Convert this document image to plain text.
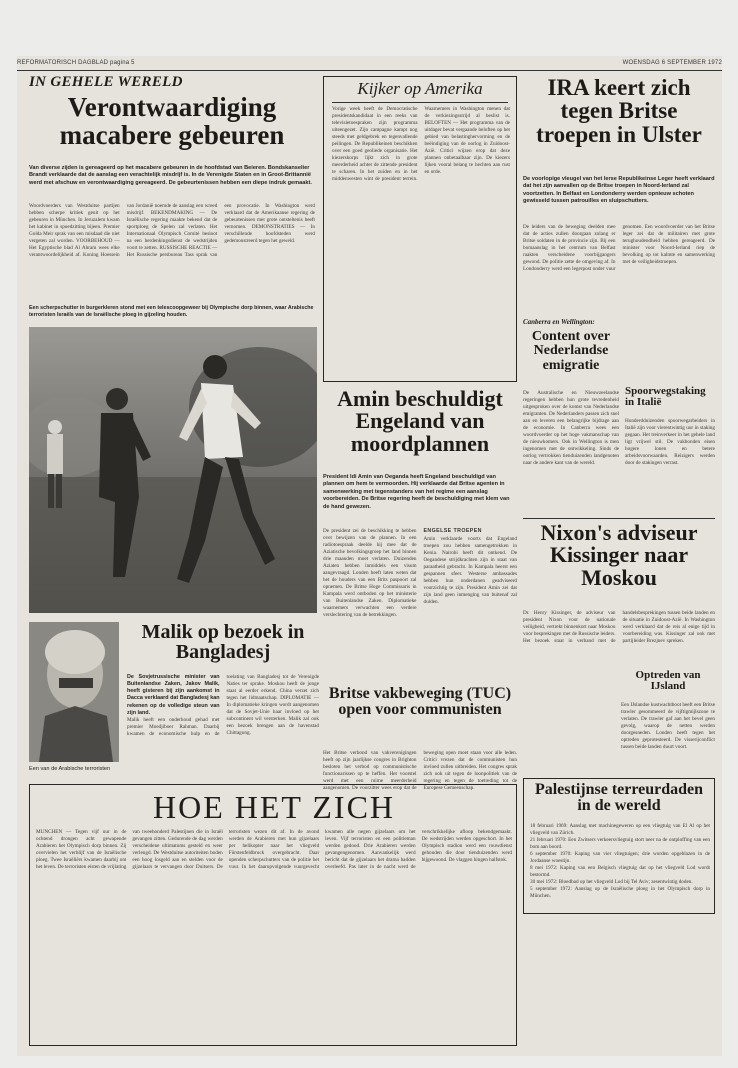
REFORMATORISCH DAGBLAD pagina 5	WOENSDAG 6 SEPTEMBER 1972
IN GEHELE WERELD
Verontwaardiging macabere gebeuren
Van diverse zijden is gereageerd op het macabere gebeuren in de hoofdstad van Beieren. Bondskanselier Brandt verklaarde dat de aanslag een verachtelijk misdrijf is. In de Verenigde Staten en in Groot-Brittannië werd met afschuw en verontwaardiging gereageerd. De gebeurtenissen hebben een diepe indruk gemaakt.
Woordvoerders van Westduitse partijen hebben scherpe kritiek geuit op het gebeuren in München. In Jeruzalem kwam het kabinet in spoedzitting bijeen. Premier Golda Meir sprak van een misdaad die niet vergeten zal worden. VOORBEHOUD — Het Egyptische blad Al Ahram wees elke verantwoordelijkheid af. Koning Hoessein van Jordanië noemde de aanslag een wreed misdrijf. BEKENDMAKING — De Israëlische regering maakte bekend dat de sportploeg de Spelen zal verlaten. Het Internationaal Olympisch Comité besloot na een herdenkingsdienst de wedstrijden voort te zetten. RUSSISCHE REACTIE — Het Russische persbureau Tass sprak van een provocatie. In Washington werd verklaard dat de Amerikaanse regering de gebeurtenissen met grote ontsteltenis heeft vernomen. DEMONSTRATIES — In verschillende hoofdsteden werd gedemonstreerd tegen het geweld.
Een scherpschutter in burgerkleren stond met een telescoopgeweer bij Olympische dorp binnen, waar Arabische terroristen Israëls van de Israëlische ploeg in gijzeling houden.
Een van de Arabische terroristen
Malik op bezoek in Bangladesj
De Sovjetrussische minister van Buitenlandse Zaken, Jakov Malik, heeft gisteren bij zijn aankomst in Dacca verklaard dat Bangladesj kan rekenen op de volledige steun van zijn land.
Malik heeft een onderhoud gehad met premier Moedjiboer Rahman. Daarbij kwamen de economische hulp en de toelating van Bangladesj tot de Verenigde Naties ter sprake. Moskou heeft de jonge staat al eerder erkend. China verzet zich tegen het lidmaatschap. DIPLOMATIE — In diplomatieke kringen wordt aangenomen dat de Sovjet-Unie haar invloed op het subcontinent wil versterken. Malik zal ook een bezoek brengen aan de havenstad Chittagong.
Kijker op Amerika
Vorige week heeft de Democratische presidentskandidaat in een reeks van televisietoespraken zijn programma uiteengezet. Zijn campagne kampt nog steeds met geldgebrek en tegenvallende peilingen. De Republikeinen beschikken over een goed geoliede organisatie. Het kiezerskorps lijkt zich in grote meerderheid achter de zittende president te scharen. In het zuiden en in het middenwesten wint de president terrein. Waarnemers in Washington menen dat de verkiezingsstrijd al beslist is. BELOFTEN — Het programma van de uitdager bevat vergaande beloften op het gebied van belastinghervorming en de beëindiging van de oorlog in Zuidoost-Azië. Critici wijzen erop dat deze plannen onbetaalbaar zijn. De kiezers lijken vooral belang te hechten aan rust en orde.
Amin beschuldigt Engeland van moordplannen
President Idi Amin van Oeganda heeft Engeland beschuldigd van plannen om hem te vermoorden. Hij verklaarde dat Britse agenten in samenwerking met tegenstanders van het regime een aanslag voorbereiden. De Britse regering heeft de beschuldiging met klem van de hand gewezen.
De president zei de beschikking te hebben over bewijzen van de plannen. In een radiotoespraak deelde hij mee dat de Aziatische bevolkingsgroep het land binnen drie maanden moet verlaten. Duizenden Aziaten hebben inmiddels een visum aangevraagd. Londen heeft laten weten dat het de houders van een Brits paspoort zal opnemen. De Britse Hoge Commissaris in Kampala werd ontboden op het ministerie van Buitenlandse Zaken. Diplomatieke waarnemers verwachten een verdere verslechtering van de betrekkingen.
ENGELSE TROEPEN
Amin verklaarde voorts dat Engeland troepen zou hebben samengetrokken in Kenia. Nairobi heeft dit ontkend. De Oegandese strijdkrachten zijn in staat van paraatheid gebracht. In Kampala heerst een gespannen sfeer. Westerse ambassades hebben hun onderdanen geadviseerd voorzichtig te zijn. President Amin zei dat zijn land geen inmenging van buitenaf zal dulden.
Britse vakbeweging (TUC) open voor communisten
Het Britse verbond van vakverenigingen heeft op zijn jaarlijkse congres in Brighton besloten het verbod op communistische functionarissen op te heffen. Het voorstel werd met een ruime meerderheid aangenomen. De voorzitter wees erop dat de beweging open moet staan voor alle leden. Critici vrezen dat de communisten hun invloed zullen uitbreiden. Het congres sprak zich ook uit tegen de loonpolitiek van de regering en tegen de toetreding tot de Europese Gemeenschap.
IRA keert zich tegen Britse troepen in Ulster
De voorlopige vleugel van het Ierse Republikeinse Leger heeft verklaard dat het zijn aanvallen op de Britse troepen in Noord-Ierland zal voortzetten. In Belfast en Londonderry werden opnieuw schoten gewisseld tussen patrouilles en sluipschutters.
De leiders van de beweging deelden mee dat de acties zullen doorgaan zolang er Britse soldaten in de provincie zijn. Bij een bomaanslag in het centrum van Belfast raakten verscheidene voorbijgangers gewond. De politie zette de omgeving af. In Londonderry werd een legerpost onder vuur genomen. Een woordvoerder van het Britse leger zei dat de militairen met grote terughoudendheid hebben gereageerd. De minister voor Noord-Ierland riep de bevolking op tot kalmte en samenwerking met de veiligheidstroepen.
Canberra en Wellington:
Content over Nederlandse emigratie
De Australische en Nieuwzeelandse regeringen hebben hun grote tevredenheid uitgesproken over de komst van Nederlandse emigranten. De Nederlanders passen zich snel aan en leveren een belangrijke bijdrage aan de economie. In Canberra wees een woordvoerder op het hoge vakmanschap van de nieuwkomers. Ook in Wellington is men ingenomen met de ontwikkeling. Sinds de oorlog vertrokken tienduizenden landgenoten naar de andere kant van de wereld.
Spoorwegstaking in Italië
Honderdduizenden spoorwegarbeiders in Italië zijn voor vierentwintig uur in staking gegaan. Het treinverkeer in het gehele land ligt vrijwel stil. De vakbonden eisen hogere lonen en betere arbeidsvoorwaarden. Reizigers werden door de stakingen verrast.
Nixon's adviseur Kissinger naar Moskou
Dr. Henry Kissinger, de adviseur van president Nixon voor de nationale veiligheid, vertrekt binnenkort naar Moskou voor besprekingen met de Russische leiders. Het bezoek staat in verband met de handelsbesprekingen tussen beide landen en de situatie in Zuidoost-Azië. In Washington werd verklaard dat de reis al enige tijd in voorbereiding was. Kissinger zal ook met partijleider Brezjnev spreken.
Optreden van IJsland
Een IJslandse kustwachtboot heeft een Britse trawler gesommeerd de vijftigmijlszone te verlaten. De trawler gaf aan het bevel geen gevolg, waarop de netten werden doorgesneden. Londen heeft tegen het optreden geprotesteerd. De visserijconflict tussen beide landen duurt voort.
Palestijnse terreurdaden in de wereld

18 februari 1969: Aanslag met machinegeweren op een vliegtuig van El Al op het vliegveld van Zürich.

21 februari 1970: Een Zwitsers verkeersvliegtuig stort neer na de ontploffing van een bom aan boord.

6 september 1970: Kaping van vier vliegtuigen; drie worden opgeblazen in de Jordaanse woestijn.

8 mei 1972: Kaping van een Belgisch vliegtuig dat op het vliegveld Lod wordt bestormd.

30 mei 1972: Bloedbad op het vliegveld Lod bij Tel Aviv; zesentwintig doden.

5 september 1972: Aanslag op de Israëlische ploeg in het Olympisch dorp in München.

HOE HET ZICH
MÜNCHEN — Tegen vijf uur in de ochtend drongen acht gewapende Arabieren het Olympisch dorp binnen. Zij overvielen het verblijf van de Israëlische ploeg. Twee Israëliërs kwamen daarbij om het leven. De terroristen eisten de vrijlating van tweehonderd Palestijnen die in Israël gevangen zitten. Gedurende de dag werden verscheidene ultimatums gesteld en weer verlengd. De Westduitse autoriteiten boden een hoog losgeld aan en stelden voor de gijzelaars te vervangen door Duitsers. De terroristen wezen dit af. In de avond werden de Arabieren met hun gijzelaars per helikopter naar het vliegveld Fürstenfeldbruck overgebracht. Daar openden scherpschutters van de politie het vuur. In het daaropvolgende vuurgevecht kwamen alle negen gijzelaars om het leven. Vijf terroristen en een politieman werden gedood. Drie Arabieren werden gevangengenomen. Aanvankelijk werd bericht dat de gijzelaars het drama hadden overleefd. Pas later in de nacht werd de verschrikkelijke afloop bekendgemaakt. De wedstrijden werden opgeschort. In het Olympisch stadion werd een rouwdienst gehouden die door tienduizenden werd bijgewoond. De vlaggen hingen halfstok.
